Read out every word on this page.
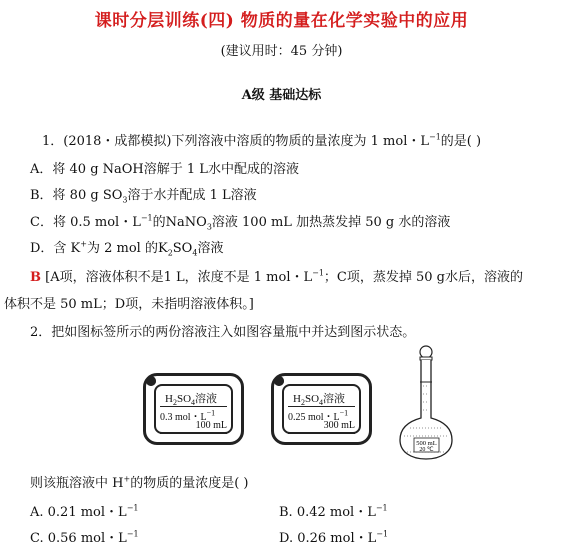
课时分层训练(四) 物质的量在化学实验中的应用
(建议用时：45 分钟)
A级 基础达标
1．(2018・成都模拟)下列溶液中溶质的物质的量浓度为 1 mol・$L^{-1}$的是( )
A．将 40 g NaOH溶解于 1 L水中配成的溶液
B．将 80 g $SO_3$溶于水并配成 1 L溶液
C．将 0.5 mol・$L^{-1}$的NaNO$_3$溶液 100 mL 加热蒸发掉 50 g 水的溶液
D．含 K+为 2 mol 的$K_2SO_4$溶液
B [A项，溶液体积不是1 L，浓度不是 1 mol・$L^{-1}$；C项，蒸发掉 50 g水后，溶液的
体积不是 50 mL；D项，未指明溶液体积。]
2．把如图标签所示的两份溶液注入如图容量瓶中并达到图示状态。
$H_2SO_4$溶液
0.3 mol・$L^{-1}$
100 mL
$H_2SO_4$溶液
0.25 mol・$L^{-1}$
300 mL
500 mL
20 ℃
则该瓶溶液中 H+的物质的量浓度是( )
A. 0.21 mol・$L^{-1}$	B. 0.42 mol・$L^{-1}$
C. 0.56 mol・$L^{-1}$	D. 0.26 mol・$L^{-1}$
